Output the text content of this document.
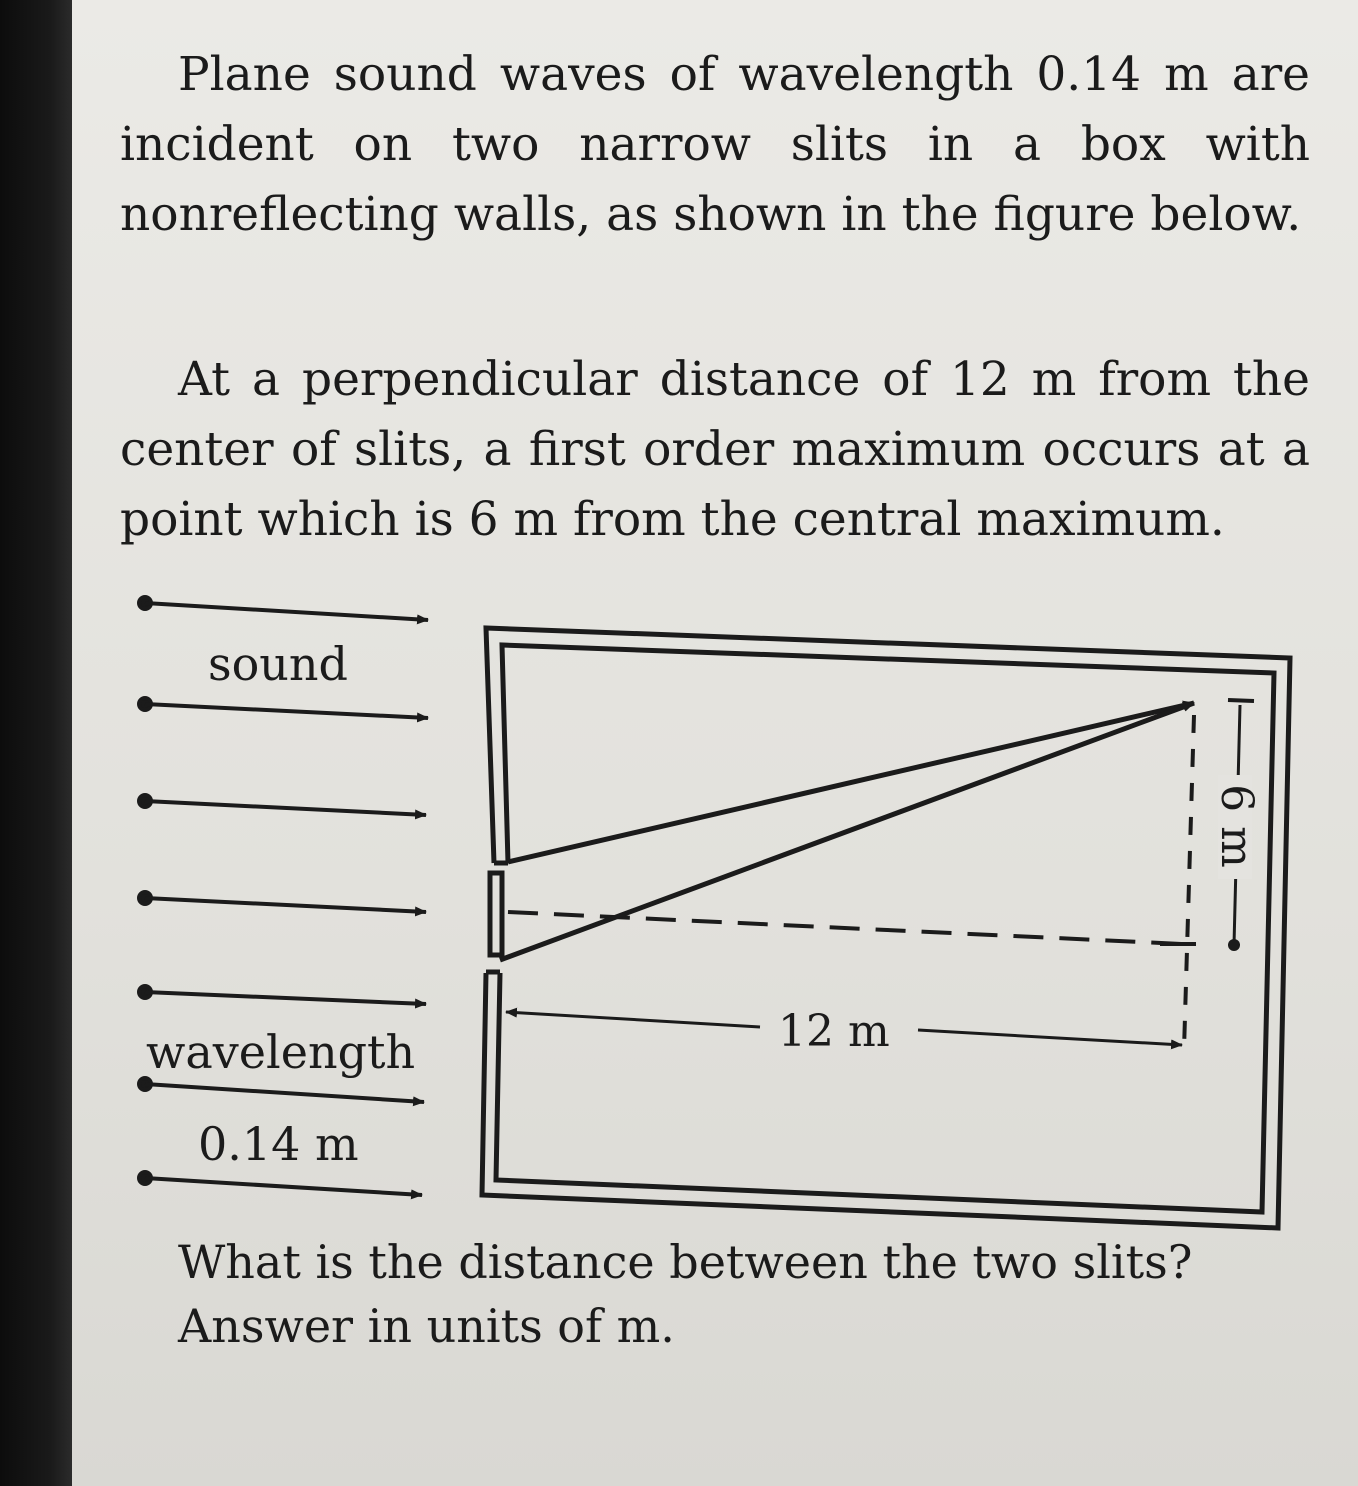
Plane sound waves of wavelength 0.14 m are incident on two narrow slits in a box with nonreflecting walls, as shown in the figure below.

At a perpendicular distance of 12 m from the center of slits, a first order maximum occurs at a point which is 6 m from the central maximum.

sound
wavelength
0.14 m
12 m
6 m

What is the distance between the two slits?
Answer in units of m.
